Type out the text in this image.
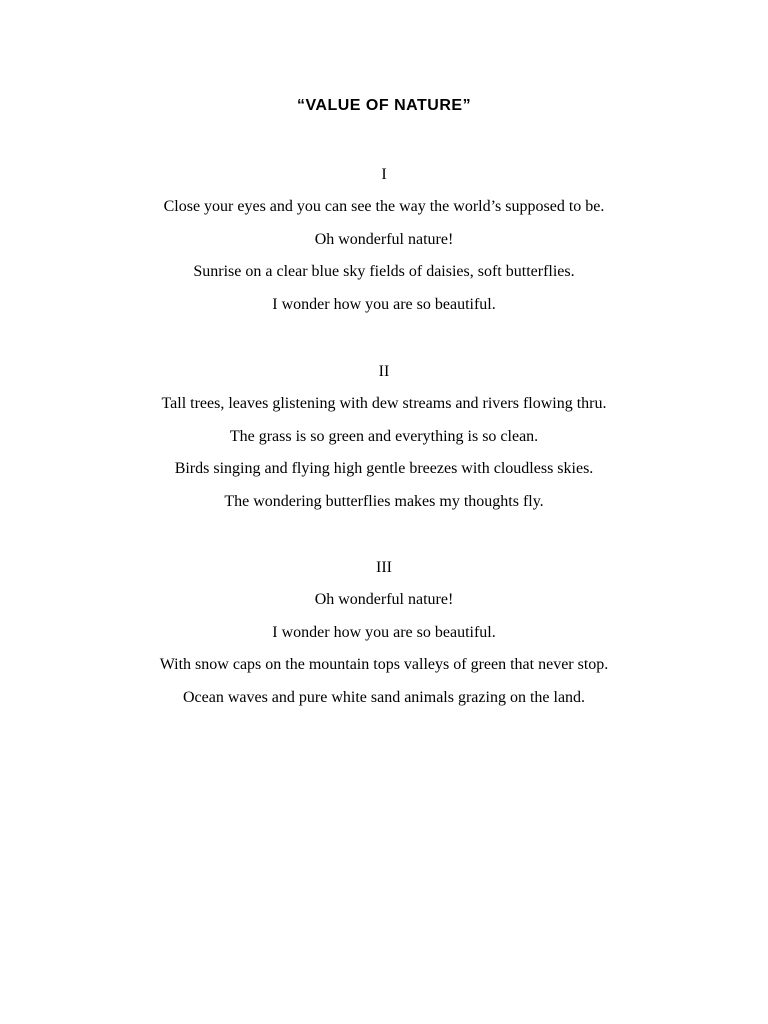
“VALUE OF NATURE”
I
Close your eyes and you can see the way the world’s supposed to be.
Oh wonderful nature!
Sunrise on a clear blue sky fields of daisies, soft butterflies.
I wonder how you are so beautiful.
II
Tall trees, leaves glistening with dew streams and rivers flowing thru.
The grass is so green and everything is so clean.
Birds singing and flying high gentle breezes with cloudless skies.
The wondering butterflies makes my thoughts fly.
III
Oh wonderful nature!
I wonder how you are so beautiful.
With snow caps on the mountain tops valleys of green that never stop.
Ocean waves and pure white sand animals grazing on the land.
